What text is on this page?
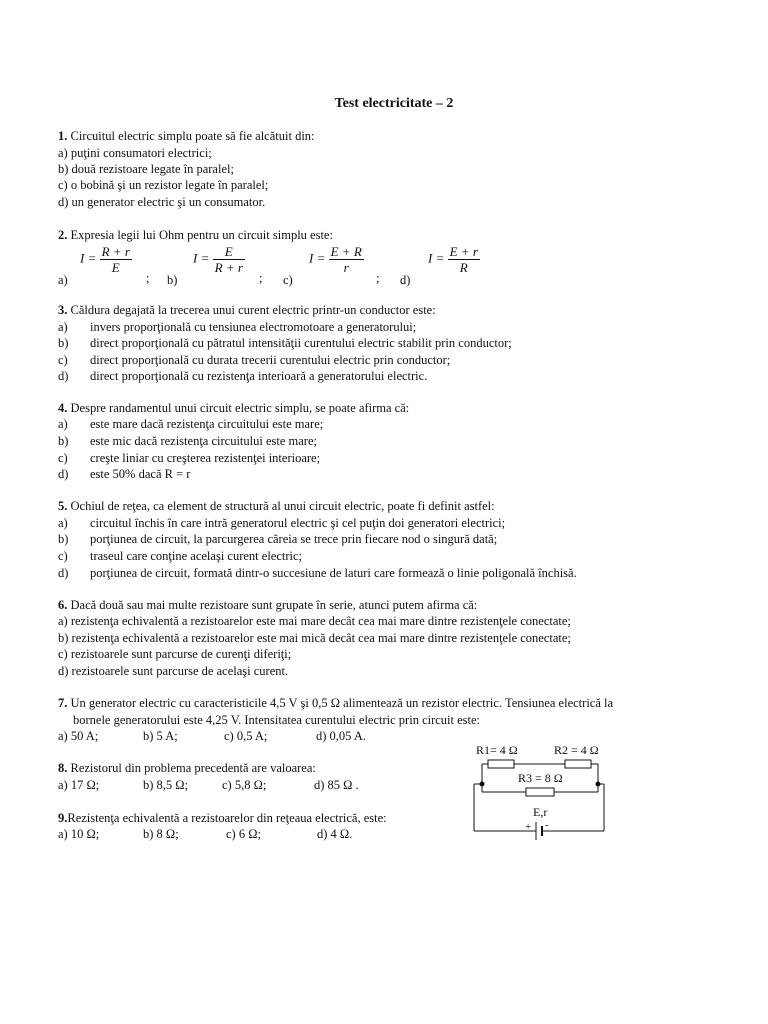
Test electricitate – 2
1. Circuitul electric simplu poate să fie alcătuit din:
a) puţini consumatori electrici;
b) două rezistoare legate în paralel;
c) o bobină şi un rezistor legate în paralel;
d) un generator electric şi un consumator.
2. Expresia legii lui Ohm pentru un circuit simplu este:
a)
$I = \frac{R + r}{E}$
; b)
$I = \frac{E}{R + r}$
; c)
$I = \frac{E + R}{r}$
; d)
$I = \frac{E + r}{R}$
3. Căldura degajată la trecerea unui curent electric printr-un conductor este:
a) invers proporţională cu tensiunea electromotoare a generatorului;
b) direct proporţională cu pătratul intensităţii curentului electric stabilit prin conductor;
c) direct proporţională cu durata trecerii curentului electric prin conductor;
d) direct proporţională cu rezistenţa interioară a generatorului electric.
4. Despre randamentul unui circuit electric simplu, se poate afirma că:
a) este mare dacă rezistenţa circuitului este mare;
b) este mic dacă rezistenţa circuitului este mare;
c) creşte liniar cu creşterea rezistenţei interioare;
d) este 50% dacă R = r
5. Ochiul de reţea, ca element de structură al unui circuit electric, poate fi definit astfel:
a) circuitul închis în care intră generatorul electric şi cel puţin doi generatori electrici;
b) porţiunea de circuit, la parcurgerea căreia se trece prin fiecare nod o singură dată;
c) traseul care conţine acelaşi curent electric;
d) porţiunea de circuit, formată dintr-o succesiune de laturi care formează o linie poligonală închisă.
6. Dacă două sau mai multe rezistoare sunt grupate în serie, atunci putem afirma că:
a) rezistenţa echivalentă a rezistoarelor este mai mare decât cea mai mare dintre rezistenţele conectate;
b) rezistenţa echivalentă a rezistoarelor este mai mică decât cea mai mare dintre rezistenţele conectate;
c) rezistoarele sunt parcurse de curenţi diferiţi;
d) rezistoarele sunt parcurse de acelaşi curent.
7. Un generator electric cu caracteristicile 4,5 V şi 0,5 Ω alimentează un rezistor electric. Tensiunea electrică la
bornele generatorului este 4,25 V. Intensitatea curentului electric prin circuit este:
a) 50 A;	b) 5 A;	c) 0,5 A;	d) 0,05 A.
8. Rezistorul din problema precedentă are valoarea:
a) 17 Ω;	b) 8,5 Ω;	c) 5,8 Ω;	d) 85 Ω .
9.Rezistenţa echivalentă a rezistoarelor din reţeaua electrică, este:
a) 10 Ω;	b) 8 Ω;	c) 6 Ω;	d) 4 Ω.
R1= 4 Ω	R2 = 4 Ω
R3 = 8 Ω
E,r
+ -
